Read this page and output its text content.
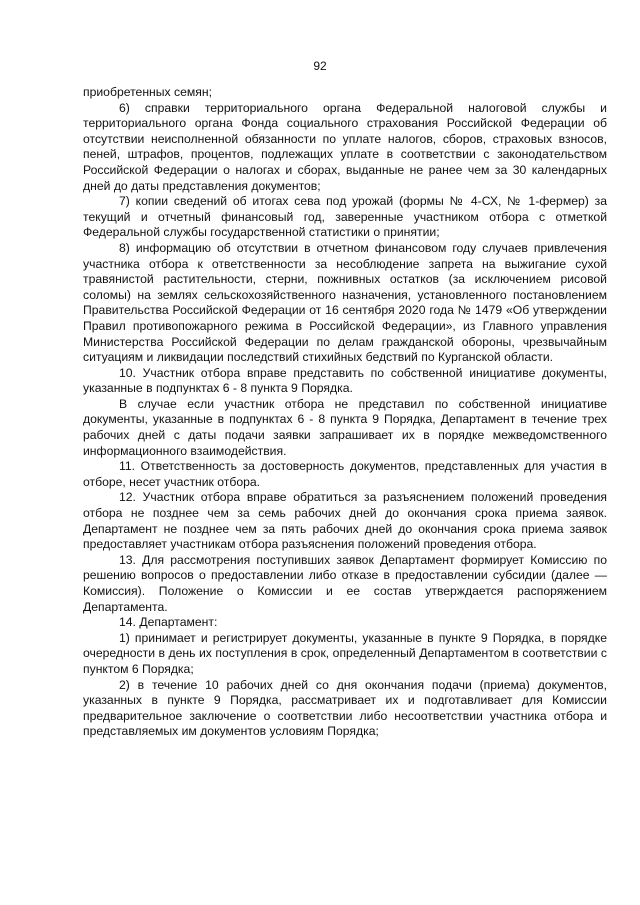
92

приобретенных семян;

6) справки территориального органа Федеральной налоговой службы и территориального органа Фонда социального страхования Российской Федерации об отсутствии неисполненной обязанности по уплате налогов, сборов, страховых взносов, пеней, штрафов, процентов, подлежащих уплате в соответствии с законодательством Российской Федерации о налогах и сборах, выданные не ранее чем за 30 календарных дней до даты представления документов;

7) копии сведений об итогах сева под урожай (формы № 4-СХ, № 1-фермер) за текущий и отчетный финансовый год, заверенные участником отбора с отметкой Федеральной службы государственной статистики о принятии;

8) информацию об отсутствии в отчетном финансовом году случаев привлечения участника отбора к ответственности за несоблюдение запрета на выжигание сухой травянистой растительности, стерни, пожнивных остатков (за исключением рисовой соломы) на землях сельскохозяйственного назначения, установленного постановлением Правительства Российской Федерации от 16 сентября 2020 года № 1479 «Об утверждении Правил противопожарного режима в Российской Федерации», из Главного управления Министерства Российской Федерации по делам гражданской обороны, чрезвычайным ситуациям и ликвидации последствий стихийных бедствий по Курганской области.

10. Участник отбора вправе представить по собственной инициативе документы, указанные в подпунктах 6 - 8 пункта 9 Порядка.

В случае если участник отбора не представил по собственной инициативе документы, указанные в подпунктах 6 - 8 пункта 9 Порядка, Департамент в течение трех рабочих дней с даты подачи заявки запрашивает их в порядке межведомственного информационного взаимодействия.

11. Ответственность за достоверность документов, представленных для участия в отборе, несет участник отбора.

12. Участник отбора вправе обратиться за разъяснением положений проведения отбора не позднее чем за семь рабочих дней до окончания срока приема заявок. Департамент не позднее чем за пять рабочих дней до окончания срока приема заявок предоставляет участникам отбора разъяснения положений проведения отбора.

13. Для рассмотрения поступивших заявок Департамент формирует Комиссию по решению вопросов о предоставлении либо отказе в предоставлении субсидии (далее — Комиссия). Положение о Комиссии и ее состав утверждается распоряжением Департамента.

14. Департамент:

1) принимает и регистрирует документы, указанные в пункте 9 Порядка, в порядке очередности в день их поступления в срок, определенный Департаментом в соответствии с пунктом 6 Порядка;

2) в течение 10 рабочих дней со дня окончания подачи (приема) документов, указанных в пункте 9 Порядка, рассматривает их и подготавливает для Комиссии предварительное заключение о соответствии либо несоответствии участника отбора и представляемых им документов условиям Порядка;
